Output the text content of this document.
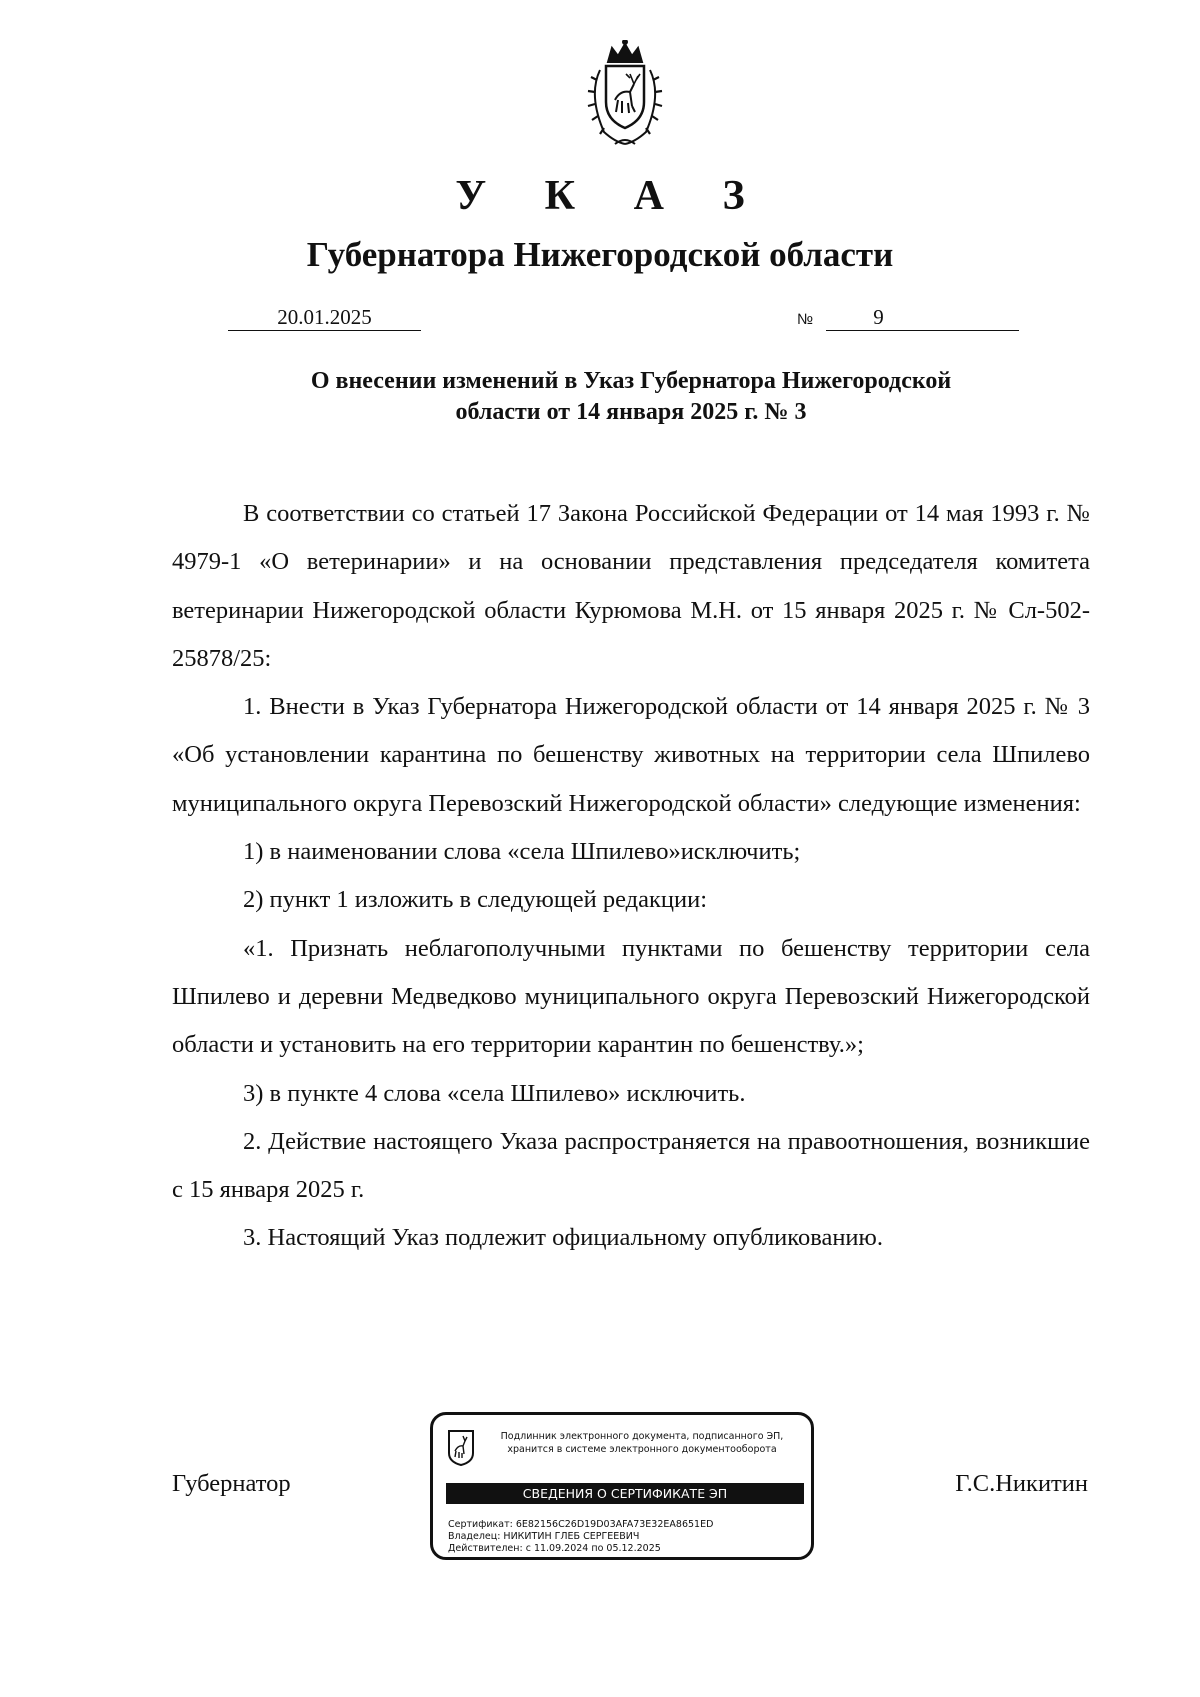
У К А З
Губернатора Нижегородской области
20.01.2025	№	9
О внесении изменений в Указ Губернатора Нижегородской
области от 14 января 2025 г. № 3

В соответствии со статьей 17 Закона Российской Федерации от 14 мая 1993 г. № 4979-1 «О ветеринарии» и на основании представления председателя комитета ветеринарии Нижегородской области Курюмова М.Н. от 15 января 2025 г. № Сл-502- 25878/25:

1. Внести в Указ Губернатора Нижегородской области от 14 января 2025 г. № 3 «Об установлении карантина по бешенству животных на территории села Шпилево муниципального округа Перевозский Нижегородской области» следующие изменения:

1) в наименовании слова «села Шпилево»исключить;

2) пункт 1 изложить в следующей редакции:

«1. Признать неблагополучными пунктами по бешенству территории села Шпилево и деревни Медведково муниципального округа Перевозский Нижегородской области и установить на его территории карантин по бешенству.»;

3) в пункте 4 слова «села Шпилево» исключить.

2. Действие настоящего Указа распространяется на правоотношения, возникшие с 15 января 2025 г.

3. Настоящий Указ подлежит официальному опубликованию.

Губернатор	Г.С.Никитин
Подлинник электронного документа, подписанного ЭП,
хранится в системе электронного документооборота
СВЕДЕНИЯ О СЕРТИФИКАТЕ ЭП
Сертификат: 6E82156C26D19D03AFA73E32EA8651ED
Владелец: НИКИТИН ГЛЕБ СЕРГЕЕВИЧ
Действителен: с 11.09.2024 по 05.12.2025
